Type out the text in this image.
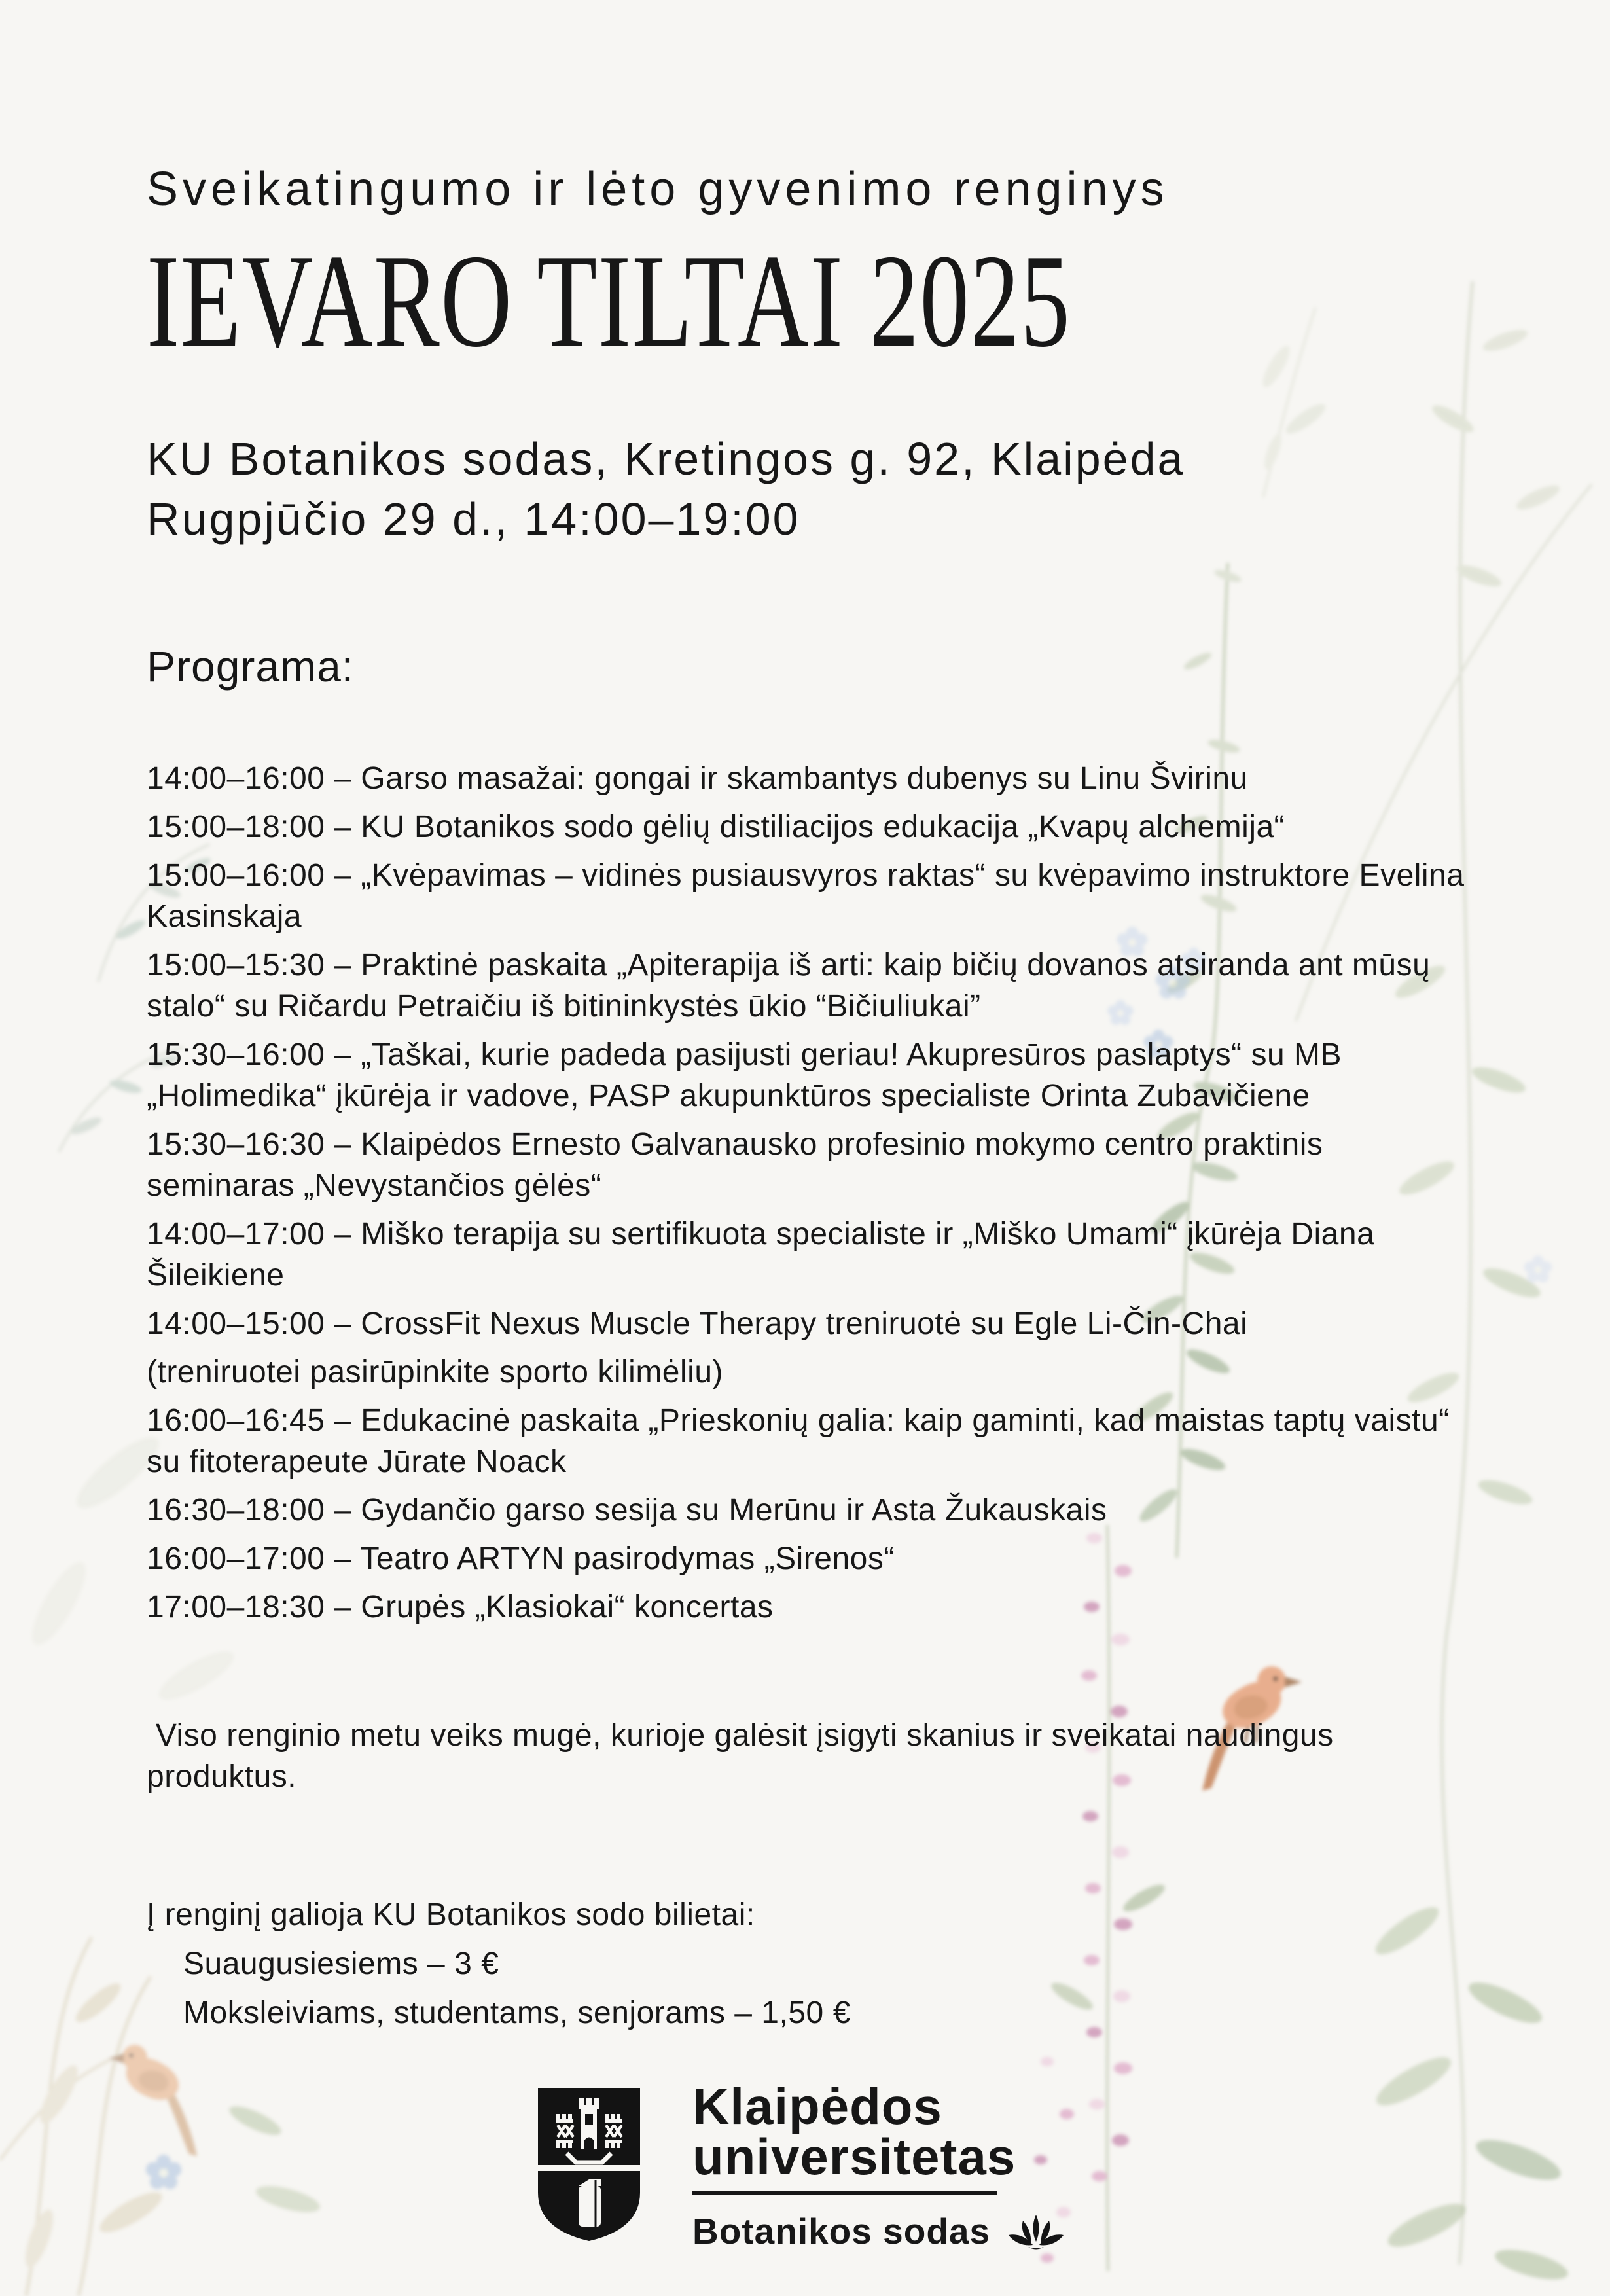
Sveikatingumo ir lėto gyvenimo renginys
IEVARO TILTAI 2025
KU Botanikos sodas, Kretingos g. 92, Klaipėda
Rugpjūčio 29 d., 14:00–19:00
Programa:
14:00–16:00 – Garso masažai: gongai ir skambantys dubenys su Linu Švirinu
15:00–18:00 – KU Botanikos sodo gėlių distiliacijos edukacija „Kvapų alchemija“
15:00–16:00 – „Kvėpavimas – vidinės pusiausvyros raktas“ su kvėpavimo instruktore Evelina Kasinskaja
15:00–15:30 – Praktinė paskaita „Apiterapija iš arti: kaip bičių dovanos atsiranda ant mūsų stalo“ su Ričardu Petraičiu iš bitininkystės ūkio “Bičiuliukai”
15:30–16:00 – „Taškai, kurie padeda pasijusti geriau! Akupresūros paslaptys“ su MB „Holimedika“ įkūrėja ir vadove, PASP akupunktūros specialiste Orinta Zubavičiene
15:30–16:30 – Klaipėdos Ernesto Galvanausko profesinio mokymo centro praktinis seminaras „Nevystančios gėlės“
14:00–17:00 – Miško terapija su sertifikuota specialiste ir „Miško Umami“ įkūrėja Diana Šileikiene
14:00–15:00 – CrossFit Nexus Muscle Therapy treniruotė su Egle Li-Čin-Chai
(treniruotei pasirūpinkite sporto kilimėliu)
16:00–16:45 – Edukacinė paskaita „Prieskonių galia: kaip gaminti, kad maistas taptų vaistu“ su fitoterapeute Jūrate Noack
16:30–18:00 – Gydančio garso sesija su Merūnu ir Asta Žukauskais
16:00–17:00 – Teatro ARTYN pasirodymas „Sirenos“
17:00–18:30 – Grupės „Klasiokai“ koncertas

Viso renginio metu veiks mugė, kurioje galėsit įsigyti skanius ir sveikatai naudingus produktus.

Į renginį galioja KU Botanikos sodo bilietai:
Suaugusiesiems – 3 €
Moksleiviams, studentams, senjorams – 1,50 €
Klaipėdos
universitetas
Botanikos sodas
